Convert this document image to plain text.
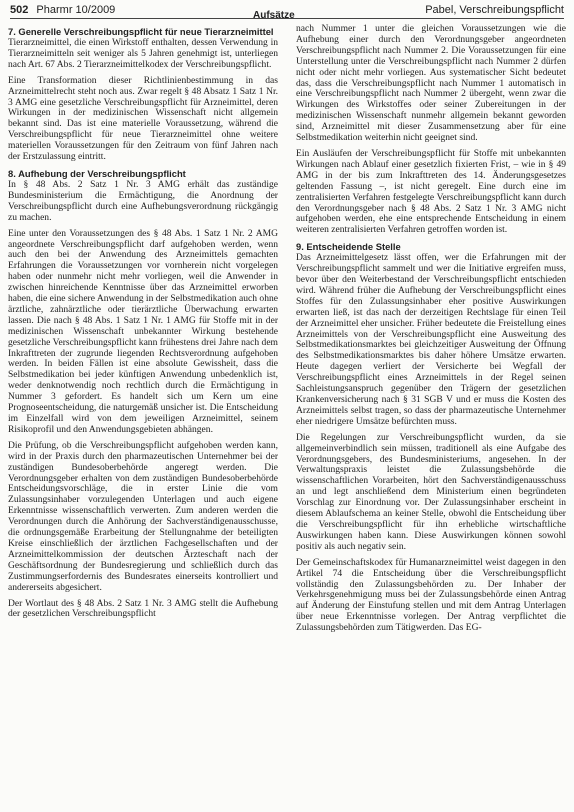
502 Pharmr 10/2009	Aufsätze	Pabel, Verschreibungspflicht
7. Generelle Verschreibungspflicht für neue Tierarzneimittel

Tierarzneimittel, die einen Wirkstoff enthalten, dessen Verwendung in Tierarzneimitteln seit weniger als 5 Jahren genehmigt ist, unterliegen nach Art. 67 Abs. 2 Tierarzneimittelkodex der Verschreibungspflicht.

Eine Transformation dieser Richtlinienbestimmung in das Arzneimittelrecht steht noch aus. Zwar regelt § 48 Absatz 1 Satz 1 Nr. 3 AMG eine gesetzliche Verschreibungspflicht für Arzneimittel, deren Wirkungen in der medizinischen Wissenschaft nicht allgemein bekannt sind. Das ist eine materielle Voraussetzung, während die Verschreibungspflicht für neue Tierarzneimittel ohne weitere materiellen Voraussetzungen für den Zeitraum von fünf Jahren nach der Erstzulassung eintritt.

8. Aufhebung der Verschreibungspflicht

In § 48 Abs. 2 Satz 1 Nr. 3 AMG erhält das zuständige Bundesministerium die Ermächtigung, die Anordnung der Verschreibungspflicht durch eine Aufhebungsverordnung rückgängig zu machen.

Eine unter den Voraussetzungen des § 48 Abs. 1 Satz 1 Nr. 2 AMG angeordnete Verschreibungspflicht darf aufgehoben werden, wenn auch den bei der Anwendung des Arzneimittels gemachten Erfahrungen die Voraussetzungen vor vornherein nicht vorgelegen haben oder nunmehr nicht mehr vorliegen, weil die Anwender in zwischen hinreichende Kenntnisse über das Arzneimittel erworben haben, die eine sichere Anwendung in der Selbstmedikation auch ohne ärztliche, zahnärztliche oder tierärztliche Überwachung erwarten lassen. Die nach § 48 Abs. 1 Satz 1 Nr. 1 AMG für Stoffe mit in der medizinischen Wissenschaft unbekannter Wirkung bestehende gesetzliche Verschreibungspflicht kann frühestens drei Jahre nach dem Inkrafttreten der zugrunde liegenden Rechtsverordnung aufgehoben werden. In beiden Fällen ist eine absolute Gewissheit, dass die Selbstmedikation bei jeder künftigen Anwendung unbedenklich ist, weder denknotwendig noch rechtlich durch die Ermächtigung in Nummer 3 gefordert. Es handelt sich um Kern um eine Prognoseentscheidung, die naturgemäß unsicher ist. Die Entscheidung im Einzelfall wird von dem jeweiligen Arzneimittel, seinem Risikoprofil und den Anwendungsgebieten abhängen.

Die Prüfung, ob die Verschreibungspflicht aufgehoben werden kann, wird in der Praxis durch den pharmazeutischen Unternehmer bei der zuständigen Bundesoberbehörde angeregt werden. Die Verordnungsgeber erhalten von dem zuständigen Bundesoberbehörde Entscheidungsvorschläge, die in erster Linie die vom Zulassungsinhaber vorzulegenden Unterlagen und auch eigene Erkenntnisse wissenschaftlich verwerten. Zum anderen werden die Verordnungen durch die Anhörung der Sachverständigenausschusse, die ordnungsgemäße Erarbeitung der Stellungnahme der beteiligten Kreise einschließlich der ärztlichen Fachgesellschaften und der Arzneimittelkommission der deutschen Ärzteschaft nach der Geschäftsordnung der Bundesregierung und schließlich durch das Zustimmungserfordernis des Bundesrates einerseits kontrolliert und andererseits abgesichert.

Der Wortlaut des § 48 Abs. 2 Satz 1 Nr. 3 AMG stellt die Aufhebung der gesetzlichen Verschreibungspflicht

nach Nummer 1 unter die gleichen Voraussetzungen wie die Aufhebung einer durch den Verordnungsgeber angeordneten Verschreibungspflicht nach Nummer 2. Die Voraussetzungen für eine Unterstellung unter die Verschreibungspflicht nach Nummer 2 dürfen nicht oder nicht mehr vorliegen. Aus systematischer Sicht bedeutet das, dass die Verschreibungspflicht nach Nummer 1 automatisch in eine Verschreibungspflicht nach Nummer 2 übergeht, wenn zwar die Wirkungen des Wirkstoffes oder seiner Zubereitungen in der medizinischen Wissenschaft nunmehr allgemein bekannt geworden sind, Arzneimittel mit dieser Zusammensetzung aber für eine Selbstmedikation weiterhin nicht geeignet sind.

Ein Ausläufen der Verschreibungspflicht für Stoffe mit unbekannten Wirkungen nach Ablauf einer gesetzlich fixierten Frist, – wie in § 49 AMG in der bis zum Inkrafttreten des 14. Änderungsgesetzes geltenden Fassung –, ist nicht geregelt. Eine durch eine im zentralisierten Verfahren festgelegte Verschreibungspflicht kann durch den Verordnungsgeber nach § 48 Abs. 2 Satz 1 Nr. 3 AMG nicht aufgehoben werden, ehe eine entsprechende Entscheidung in einem weiteren zentralisierten Verfahren getroffen worden ist.

9. Entscheidende Stelle

Das Arzneimittelgesetz lässt offen, wer die Erfahrungen mit der Verschreibungspflicht sammelt und wer die Initiative ergreifen muss, bevor über den Weiterbestand der Verschreibungspflicht entschieden wird. Während früher die Aufhebung der Verschreibungspflicht eines Stoffes für den Zulassungsinhaber eher positive Auswirkungen erwarten ließ, ist das nach der derzeitigen Rechtslage für einen Teil der Arzneimittel eher unsicher. Früher bedeutete die Freistellung eines Arzneimittels von der Verschreibungspflicht eine Ausweitung des Selbstmedikationsmarktes bei gleichzeitiger Ausweitung der Öffnung des Selbstmedikationsmarktes bis daher höhere Umsätze erwarten. Heute dagegen verliert der Versicherte bei Wegfall der Verschreibungspflicht eines Arzneimittels in der Regel seinen Sachleistungsanspruch gegenüber den Trägern der gesetzlichen Krankenversicherung nach § 31 SGB V und er muss die Kosten des Arzneimittels selbst tragen, so dass der pharmazeutische Unternehmer eher niedrigere Umsätze befürchten muss.

Die Regelungen zur Verschreibungspflicht wurden, da sie allgemeinverbindlich sein müssen, traditionell als eine Aufgabe des Verordnungsgebers, des Bundesministeriums, angesehen. In der Verwaltungspraxis leistet die Zulassungsbehörde die wissenschaftlichen Vorarbeiten, hört den Sachverständigenausschuss an und legt anschließend dem Ministerium einen begründeten Vorschlag zur Einordnung vor. Der Zulassungsinhaber erscheint in diesem Ablaufschema an keiner Stelle, obwohl die Entscheidung über die Verschreibungspflicht für ihn erhebliche wirtschaftliche Auswirkungen haben kann. Diese Auswirkungen können sowohl positiv als auch negativ sein.

Der Gemeinschaftskodex für Humanarzneimittel weist dagegen in den Artikel 74 die Entscheidung über die Verschreibungspflicht vollständig den Zulassungsbehörden zu. Der Inhaber der Verkehrsgenehmigung muss bei der Zulassungsbehörde einen Antrag auf Änderung der Einstufung stellen und mit dem Antrag Unterlagen über neue Erkenntnisse vorlegen. Der Antrag verpflichtet die Zulassungsbehörden zum Tätigwerden. Das EG-
